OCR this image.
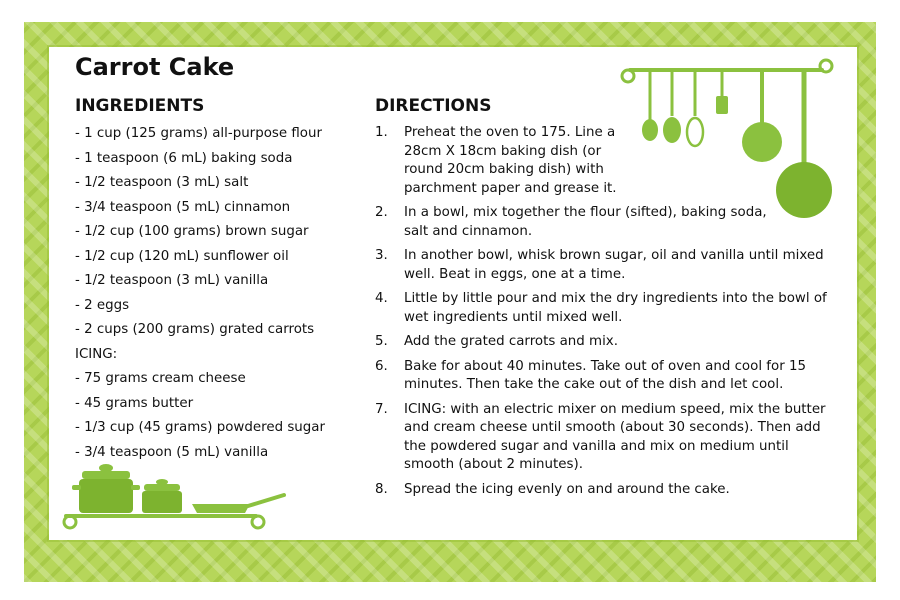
Carrot Cake
INGREDIENTS	DIRECTIONS
- 1 cup (125 grams) all-purpose flour
- 1 teaspoon (6 mL) baking soda
- 1/2 teaspoon (3 mL) salt
- 3/4 teaspoon (5 mL) cinnamon
- 1/2 cup (100 grams) brown sugar
- 1/2 cup (120 mL) sunflower oil
- 1/2 teaspoon (3 mL) vanilla
- 2 eggs
- 2 cups (200 grams) grated carrots
ICING:
- 75 grams cream cheese
- 45 grams butter
- 1/3 cup (45 grams) powdered sugar
- 3/4 teaspoon (5 mL) vanilla
1.	Preheat the oven to 175. Line a 28cm X 18cm baking dish (or round 20cm baking dish) with parchment paper and grease it.
2.	In a bowl, mix together the flour (sifted), baking soda, salt and cinnamon.
3.	In another bowl, whisk brown sugar, oil and vanilla until mixed well. Beat in eggs, one at a time.
4.	Little by little pour and mix the dry ingredients into the bowl of wet ingredients until mixed well.
5.	Add the grated carrots and mix.
6.	Bake for about 40 minutes. Take out of oven and cool for 15 minutes. Then take the cake out of the dish and let cool.
7.	ICING: with an electric mixer on medium speed, mix the butter and cream cheese until smooth (about 30 seconds). Then add the powdered sugar and vanilla and mix on medium until smooth (about 2 minutes).
8.	Spread the icing evenly on and around the cake.
